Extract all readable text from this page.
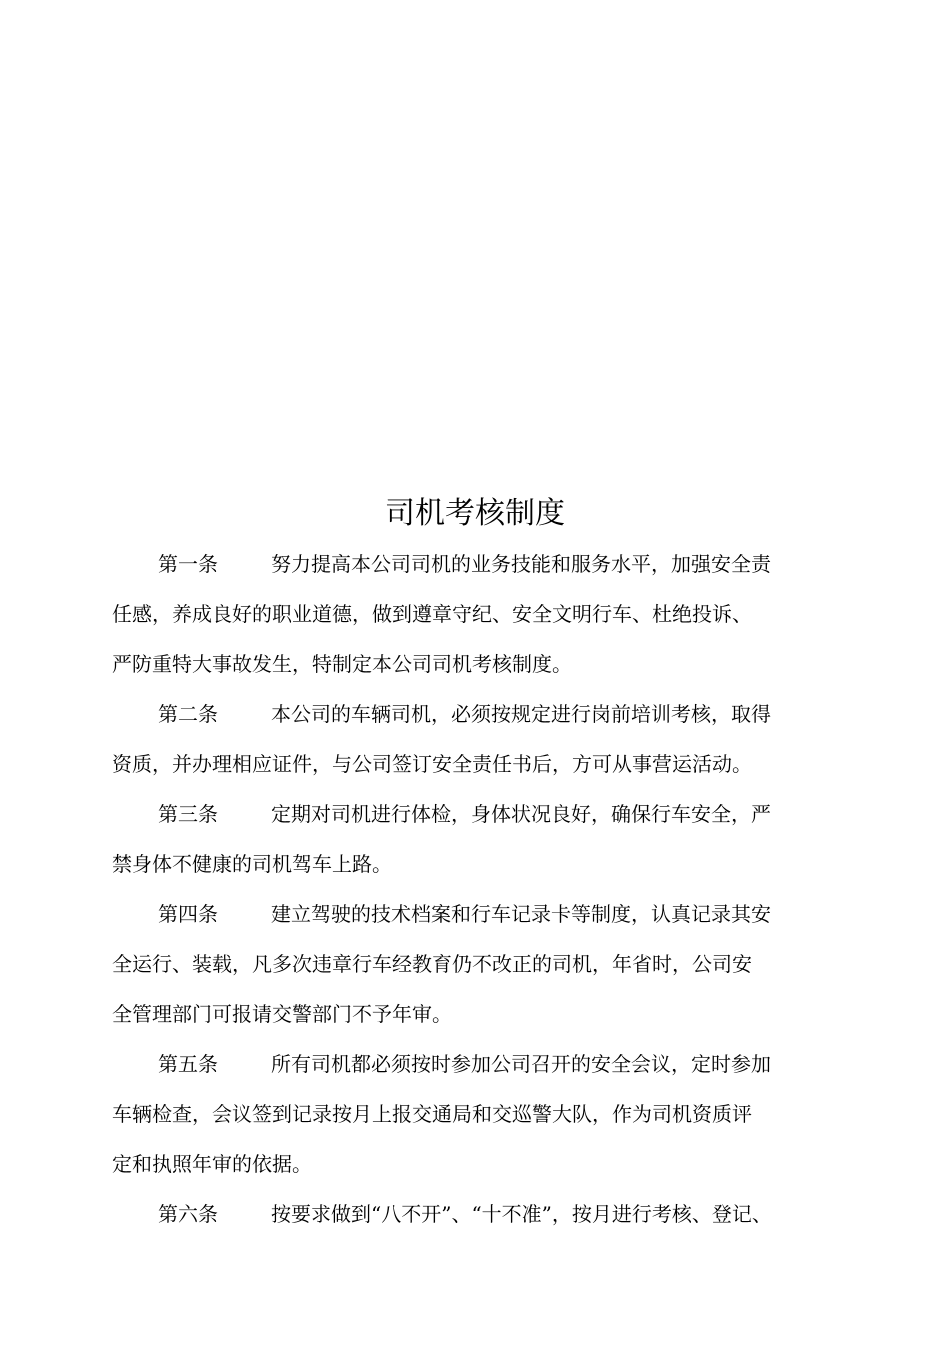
司机考核制度
第一条	努力提高本公司司机的业务技能和服务水平，加强安全责
任感，养成良好的职业道德，做到遵章守纪、安全文明行车、杜绝投诉、
严防重特大事故发生，特制定本公司司机考核制度。
第二条	本公司的车辆司机，必须按规定进行岗前培训考核，取得
资质，并办理相应证件，与公司签订安全责任书后，方可从事营运活动。
第三条	定期对司机进行体检，身体状况良好，确保行车安全，严
禁身体不健康的司机驾车上路。
第四条	建立驾驶的技术档案和行车记录卡等制度，认真记录其安
全运行、装载，凡多次违章行车经教育仍不改正的司机，年省时，公司安
全管理部门可报请交警部门不予年审。
第五条	所有司机都必须按时参加公司召开的安全会议，定时参加
车辆检查，会议签到记录按月上报交通局和交巡警大队，作为司机资质评
定和执照年审的依据。
第六条	按要求做到“八不开”、“十不准”，按月进行考核、登记、
